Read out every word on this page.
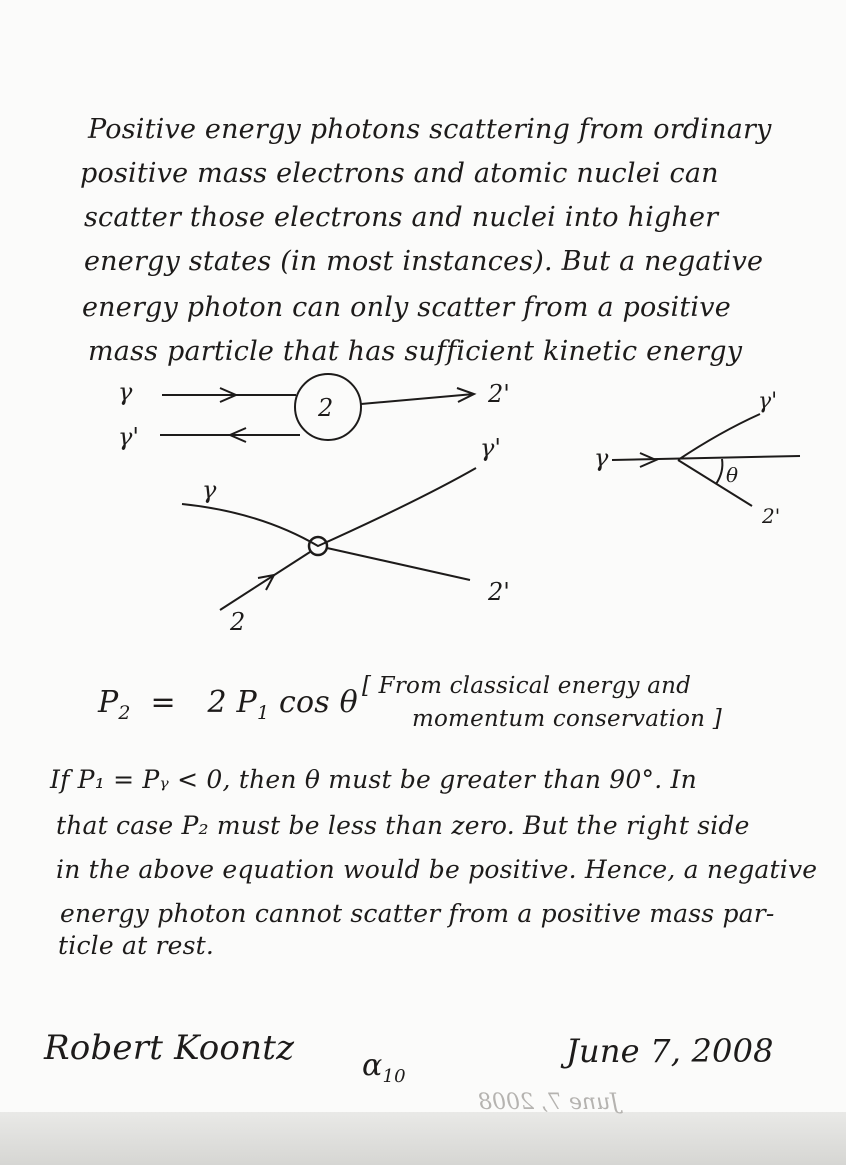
Positive energy photons scattering from ordinary
positive mass electrons and atomic nuclei can
scatter those electrons and nuclei into higher
energy states (in most instances). But a negative
energy photon can only scatter from a positive
mass particle that has sufficient kinetic energy
γ
γ'
2	2'
γ
γ'
2
2'
γ
γ'
θ
2'
$P_2 = 2$ $P_1$ cos θ [ From classical energy and
momentum conservation ]
If P₁ = Pᵧ < 0, then θ must be greater than 90°. In
that case P₂ must be less than zero. But the right side
in the above equation would be positive. Hence, a negative
energy photon cannot scatter from a positive mass par-
ticle at rest.
Robert Koontz $\alpha_{10}$
June 7, 2008
June 7, 2008
